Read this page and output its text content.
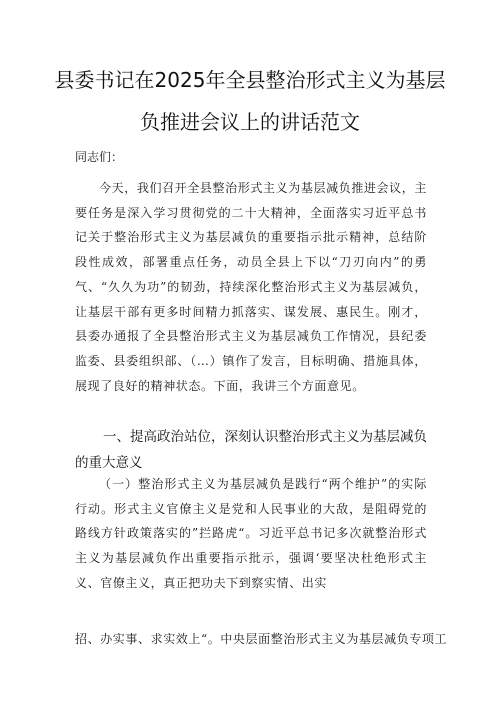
县委书记在2025年全县整治形式主义为基层
负推进会议上的讲话范文
同志们：
今天，我们召开全县整治形式主义为基层减负推进会议，主要任务是深入学习贯彻党的二十大精神，全面落实习近平总书记关于整治形式主义为基层减负的重要指示批示精神，总结阶段性成效，部署重点任务，动员全县上下以“刀刃向内”的勇气、“久久为功”的韧劲，持续深化整治形式主义为基层减负，让基层干部有更多时间精力抓落实、谋发展、惠民生。刚才，县委办通报了全县整治形式主义为基层减负工作情况，县纪委监委、县委组织部、（…）镇作了发言，目标明确、措施具体，展现了良好的精神状态。下面，我讲三个方面意见。
一、提高政治站位，深刻认识整治形式主义为基层减负的重大意义
（一）整治形式主义为基层减负是践行“两个维护”的实际行动。形式主义官僚主义是党和人民事业的大敌，是阻碍党的路线方针政策落实的”拦路虎“。习近平总书记多次就整治形式主义为基层减负作出重要指示批示，强调‘要坚决杜绝形式主义、官僚主义，真正把功夫下到察实情、出实
招、办实事、求实效上“。中央层面整治形式主义为基层减负专项工
